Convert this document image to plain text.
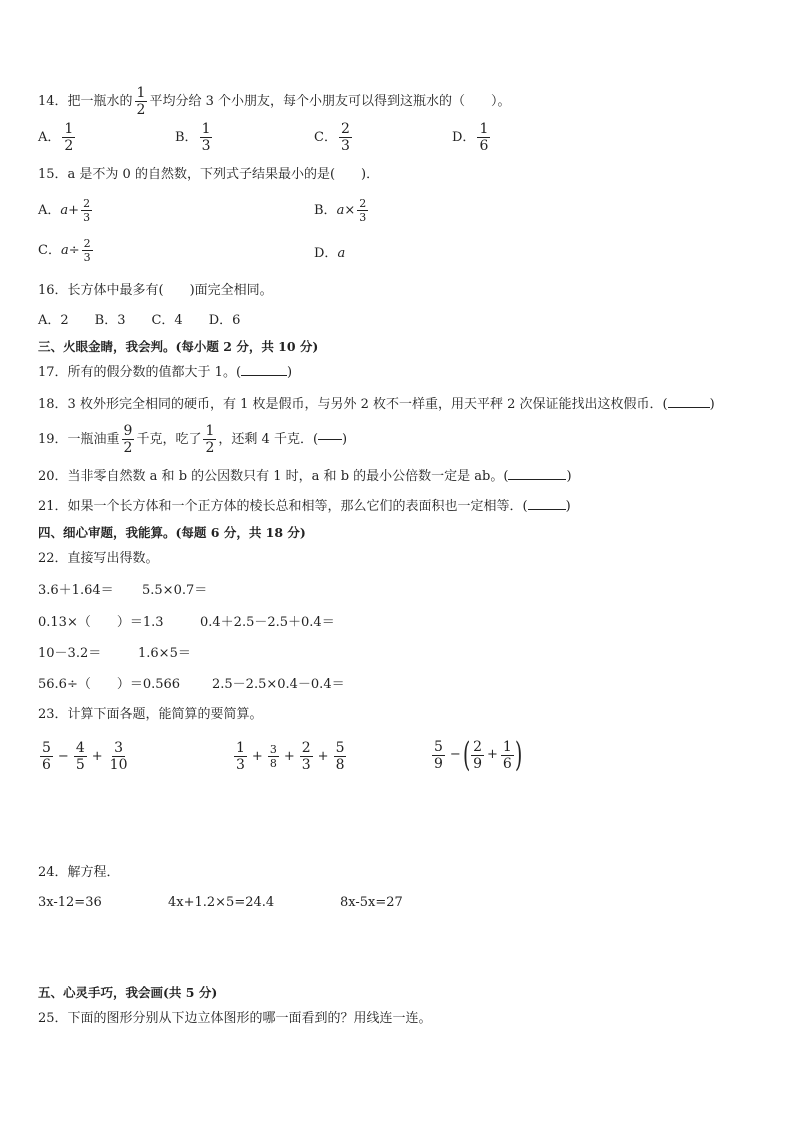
14．把一瓶水的 $\frac{1}{2}$ 平均分给 3 个小朋友，每个小朋友可以得到这瓶水的（　　）。
A． $\frac{1}{2}$	B． $\frac{1}{3}$	C． $\frac{2}{3}$	D． $\frac{1}{6}$
15．a 是不为 0 的自然数，下列式子结果最小的是(　　)．
A． $a + \frac{2}{3}$	B． $a \times \frac{2}{3}$
C． $a \div \frac{2}{3}$	D． a
16．长方体中最多有(　　)面完全相同。
A．2　　B．3　　C．4　　D．6
三、火眼金睛，我会判。(每小题 2 分，共 10 分)
17．所有的假分数的值都大于 1。(	)
18．3 枚外形完全相同的硬币，有 1 枚是假币，与另外 2 枚不一样重，用天平秤 2 次保证能找出这枚假币．(	)
19．一瓶油重 $\frac{9}{2}$ 千克，吃了 $\frac{1}{2}$ ，还剩 4 千克．( )
20．当非零自然数 a 和 b 的公因数只有 1 时，a 和 b 的最小公倍数一定是 ab。(	)
21．如果一个长方体和一个正方体的棱长总和相等，那么它们的表面积也一定相等．(	)
四、细心审题，我能算。(每题 6 分，共 18 分)
22．直接写出得数。
3.6＋1.64＝ 5.5×0.7＝
0.13×（　　）＝1.3	0.4＋2.5－2.5＋0.4＝
10－3.2＝	1.6×5＝
56.6÷（　　）＝0.566 2.5－2.5×0.4－0.4＝
23．计算下面各题，能简算的要简算。
$\frac{5}{6} - \frac{4}{5} + \frac{3}{10}$	$\frac{1}{3} + \frac{3}{8} + \frac{2}{3} + \frac{5}{8}$	$\frac{5}{9}$ − ( $\frac{2}{9} + \frac{1}{6}$ )
24．解方程．
3x-12=36	4x+1.2×5=24.4	8x-5x=27
五、心灵手巧，我会画(共 5 分)
25．下面的图形分别从下边立体图形的哪一面看到的？用线连一连。
